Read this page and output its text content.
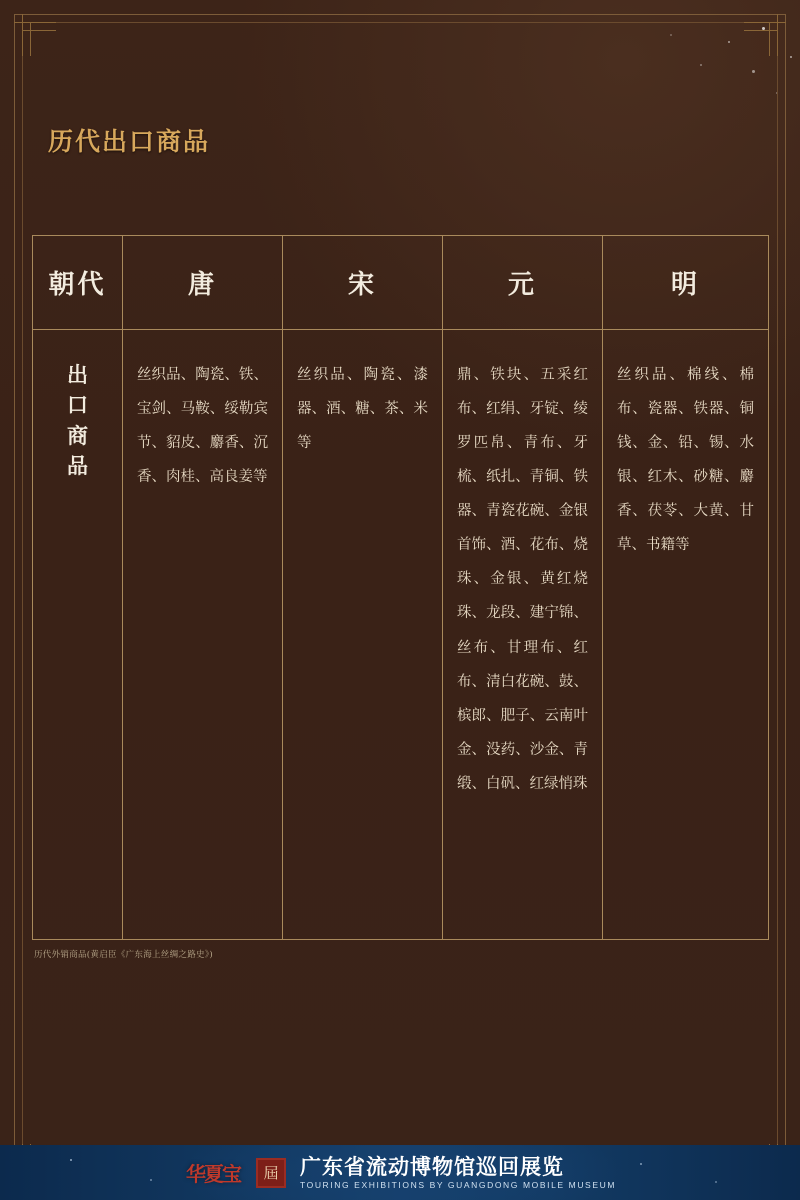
历代出口商品
朝代	唐	宋	元	明
出口商品	丝织品、陶瓷、铁、宝剑、马鞍、绥勒宾节、貂皮、麝香、沉香、肉桂、高良姜等	丝织品、陶瓷、漆器、酒、糖、茶、米等	鼎、铁块、五采红布、红绢、牙锭、绫罗匹帛、青布、牙梳、纸扎、青铜、铁器、青瓷花碗、金银首饰、酒、花布、烧珠、金银、黄红烧珠、龙段、建宁锦、丝布、甘理布、红布、清白花碗、鼓、槟郎、肥子、云南叶金、没药、沙金、青缎、白矾、红绿悄珠	丝织品、棉线、棉布、瓷器、铁器、铜钱、金、铅、锡、水银、红木、砂糖、麝香、茯苓、大黄、甘草、书籍等
历代外销商品(黄启臣《广东海上丝绸之路史》)
华夏宝	屆	广东省流动博物馆巡回展览
TOURING EXHIBITIONS BY GUANGDONG MOBILE MUSEUM
